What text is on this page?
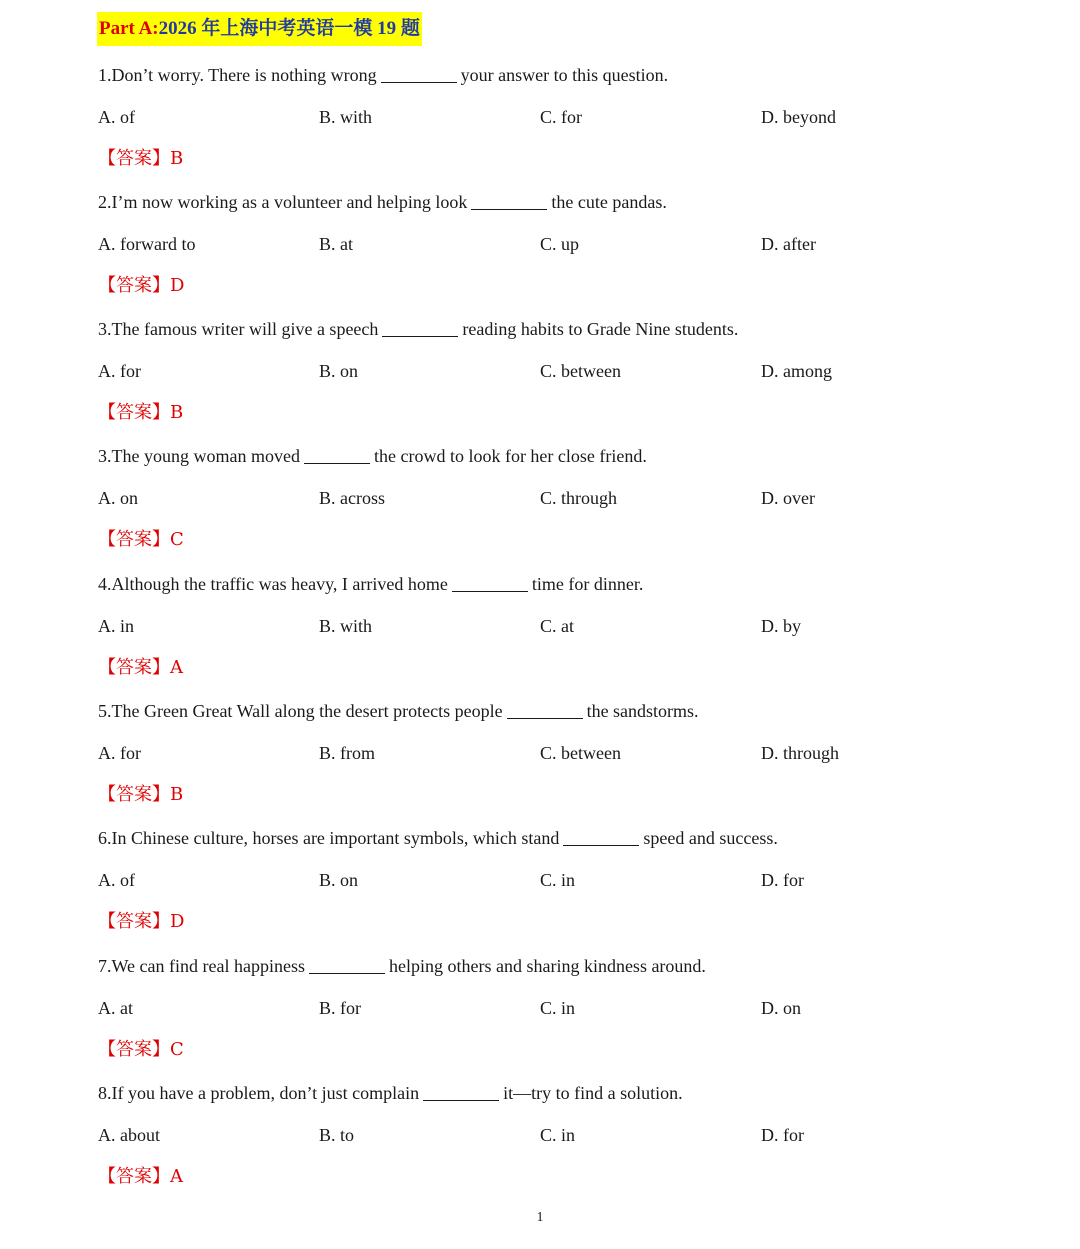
Part A:2026 年上海中考英语一模 19 题
1.Don’t worry. There is nothing wrong	your answer to this question.
A. of	B. with	C. for	D. beyond
【答案】B
2.I’m now working as a volunteer and helping look	the cute pandas.
A. forward to	B. at	C. up	D. after
【答案】D
3.The famous writer will give a speech	reading habits to Grade Nine students.
A. for	B. on	C. between	D. among
【答案】B
3.The young woman moved	the crowd to look for her close friend.
A. on	B. across	C. through	D. over
【答案】C
4.Although the traffic was heavy, I arrived home	time for dinner.
A. in	B. with	C. at	D. by
【答案】A
5.The Green Great Wall along the desert protects people	the sandstorms.
A. for	B. from	C. between	D. through
【答案】B
6.In Chinese culture, horses are important symbols, which stand	speed and success.
A. of	B. on	C. in	D. for
【答案】D
7.We can find real happiness	helping others and sharing kindness around.
A. at	B. for	C. in	D. on
【答案】C
8.If you have a problem, don’t just complain	it—try to find a solution.
A. about	B. to	C. in	D. for
【答案】A
1
